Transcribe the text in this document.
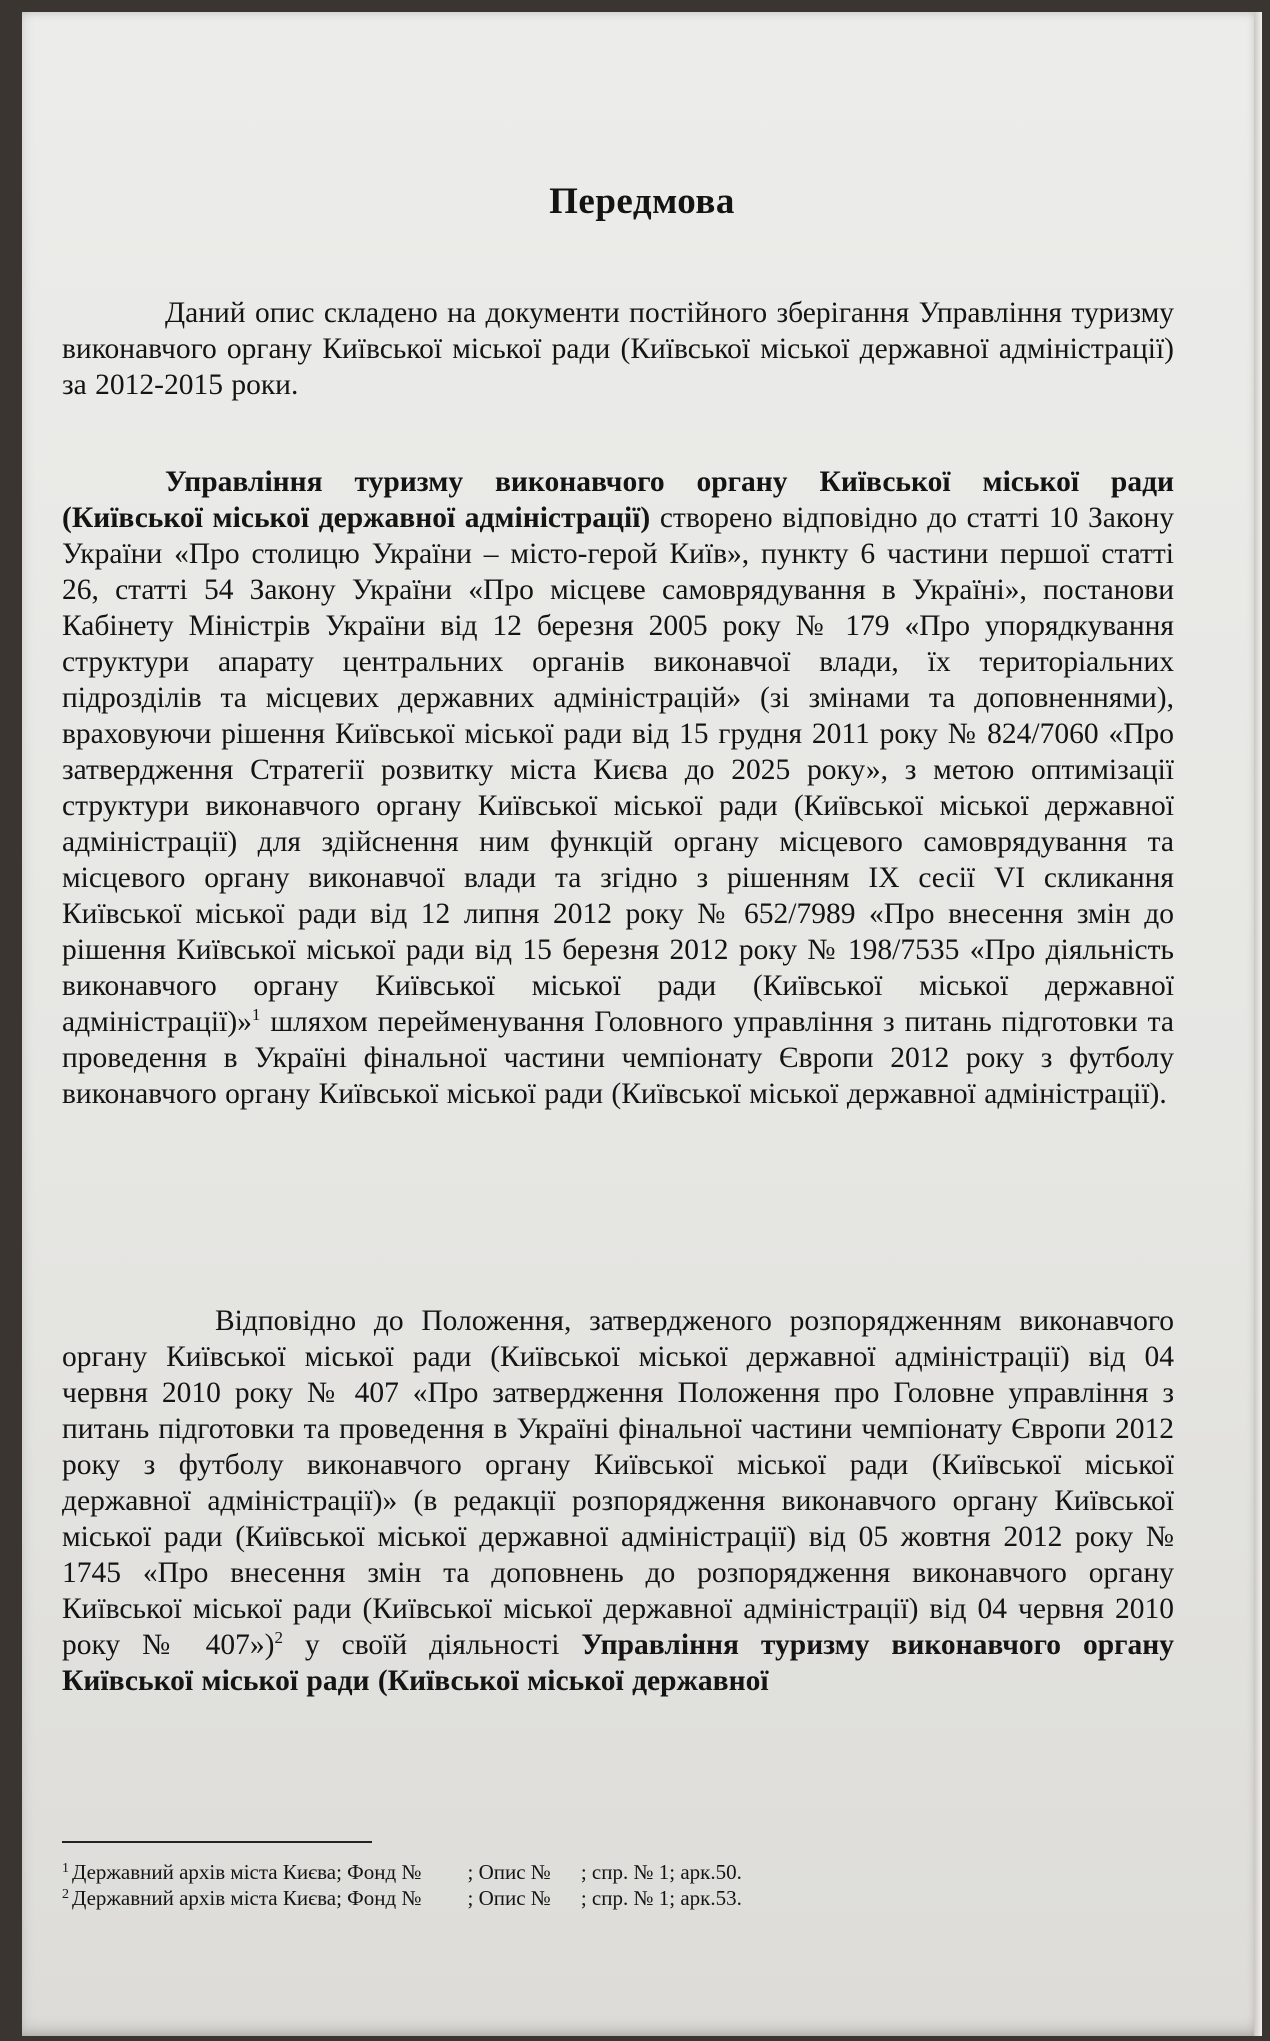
Передмова
Даний опис складено на документи постійного зберігання Управління туризму виконавчого органу Київської міської ради (Київської міської державної адміністрації) за 2012-2015 роки.
Управління туризму виконавчого органу Київської міської ради (Київської міської державної адміністрації) створено відповідно до статті 10 Закону України «Про столицю України – місто-герой Київ», пункту 6 частини першої статті 26, статті 54 Закону України «Про місцеве самоврядування в Україні», постанови Кабінету Міністрів України від 12 березня 2005 року № 179 «Про упорядкування структури апарату центральних органів виконавчої влади, їх територіальних підрозділів та місцевих державних адміністрацій» (зі змінами та доповненнями), враховуючи рішення Київської міської ради від 15 грудня 2011 року № 824/7060 «Про затвердження Стратегії розвитку міста Києва до 2025 року», з метою оптимізації структури виконавчого органу Київської міської ради (Київської міської державної адміністрації) для здійснення ним функцій органу місцевого самоврядування та місцевого органу виконавчої влади та згідно з рішенням IX сесії VI скликання Київської міської ради від 12 липня 2012 року № 652/7989 «Про внесення змін до рішення Київської міської ради від 15 березня 2012 року № 198/7535 «Про діяльність виконавчого органу Київської міської ради (Київської міської державної адміністрації)»$^1$ шляхом перейменування Головного управління з питань підготовки та проведення в Україні фінальної частини чемпіонату Європи 2012 року з футболу виконавчого органу Київської міської ради (Київської міської державної адміністрації).
Відповідно до Положення, затвердженого розпорядженням виконавчого органу Київської міської ради (Київської міської державної адміністрації) від 04 червня 2010 року № 407 «Про затвердження Положення про Головне управління з питань підготовки та проведення в Україні фінальної частини чемпіонату Європи 2012 року з футболу виконавчого органу Київської міської ради (Київської міської державної адміністрації)» (в редакції розпорядження виконавчого органу Київської міської ради (Київської міської державної адміністрації) від 05 жовтня 2012 року № 1745 «Про внесення змін та доповнень до розпорядження виконавчого органу Київської міської ради (Київської міської державної адміністрації) від 04 червня 2010 року № 407»)$^2$ у своїй діяльності Управління туризму виконавчого органу Київської міської ради (Київської міської державної
$^1$ Державний архів міста Києва; Фонд № ; Опис № ; спр. № 1; арк.50.
$^2$ Державний архів міста Києва; Фонд № ; Опис № ; спр. № 1; арк.53.
